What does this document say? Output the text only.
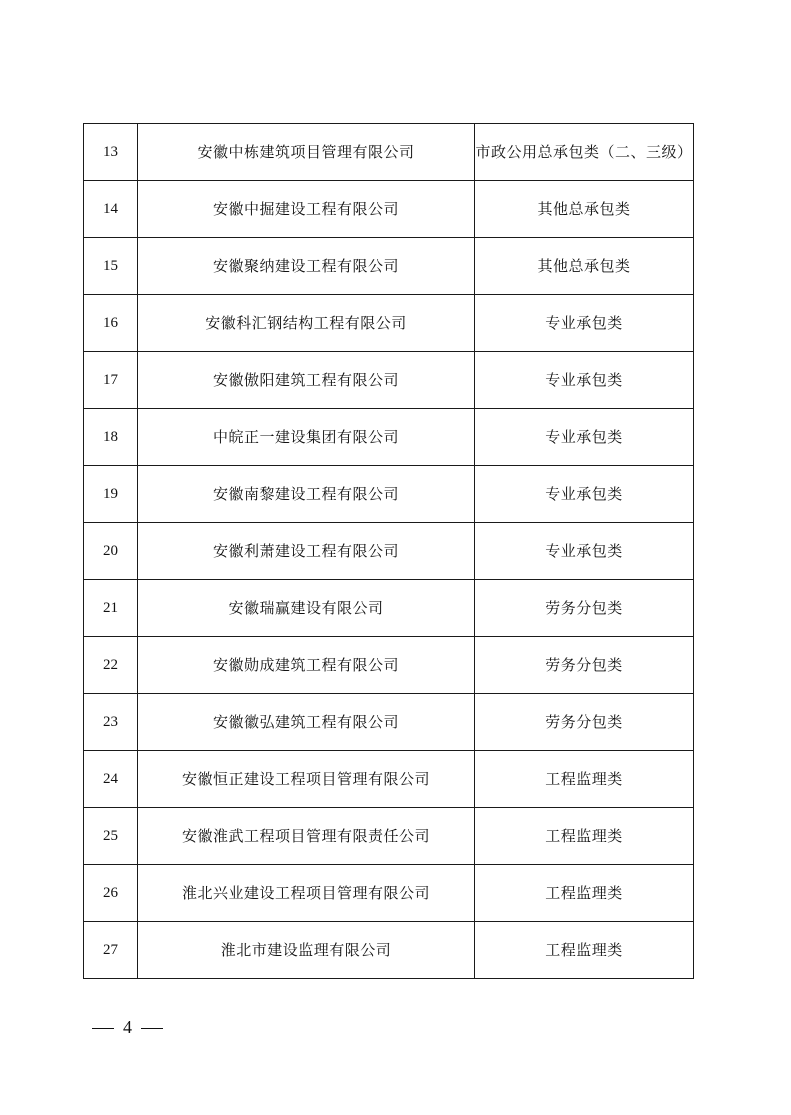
13	安徽中栋建筑项目管理有限公司	市政公用总承包类（二、三级）
14	安徽中掘建设工程有限公司	其他总承包类
15	安徽聚纳建设工程有限公司	其他总承包类
16	安徽科汇钢结构工程有限公司	专业承包类
17	安徽傲阳建筑工程有限公司	专业承包类
18	中皖正一建设集团有限公司	专业承包类
19	安徽南黎建设工程有限公司	专业承包类
20	安徽利萧建设工程有限公司	专业承包类
21	安徽瑞赢建设有限公司	劳务分包类
22	安徽勋成建筑工程有限公司	劳务分包类
23	安徽徽弘建筑工程有限公司	劳务分包类
24	安徽恒正建设工程项目管理有限公司	工程监理类
25	安徽淮武工程项目管理有限责任公司	工程监理类
26	淮北兴业建设工程项目管理有限公司	工程监理类
27	淮北市建设监理有限公司	工程监理类
4
